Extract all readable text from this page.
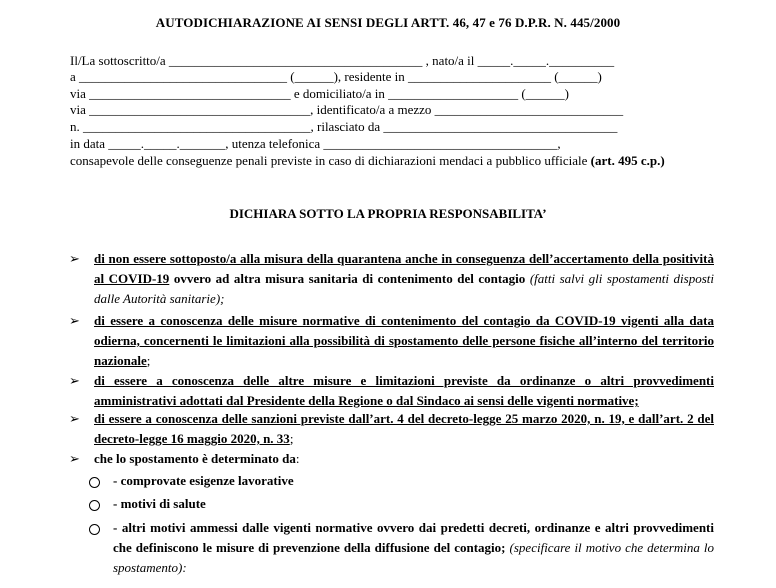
AUTODICHIARAZIONE AI SENSI DEGLI ARTT. 46, 47 e 76 D.P.R. N. 445/2000
Il/La sottoscritto/a _______________________________________ , nato/a il _____._____.__________
a ________________________________ (______), residente in ______________________ (______)
via _______________________________ e domiciliato/a in ____________________ (______)
via __________________________________, identificato/a a mezzo _____________________________
n. ___________________________________, rilasciato da ____________________________________
in data _____._____._______, utenza telefonica ____________________________________,
consapevole delle conseguenze penali previste in caso di dichiarazioni mendaci a pubblico ufficiale (art. 495 c.p.)
DICHIARA SOTTO LA PROPRIA RESPONSABILITA’
➢ di non essere sottoposto/a alla misura della quarantena anche in conseguenza dell’accertamento della positività al COVID-19 ovvero ad altra misura sanitaria di contenimento del contagio (fatti salvi gli spostamenti disposti dalle Autorità sanitarie);
➢ di essere a conoscenza delle misure normative di contenimento del contagio da COVID-19 vigenti alla data odierna, concernenti le limitazioni alla possibilità di spostamento delle persone fisiche all’interno del territorio nazionale;
➢ di essere a conoscenza delle altre misure e limitazioni previste da ordinanze o altri provvedimenti amministrativi adottati dal Presidente della Regione o dal Sindaco ai sensi delle vigenti normative;
➢ di essere a conoscenza delle sanzioni previste dall’art. 4 del decreto-legge 25 marzo 2020, n. 19, e dall’art. 2 del decreto-legge 16 maggio 2020, n. 33;
➢ che lo spostamento è determinato da:
- comprovate esigenze lavorative
- motivi di salute
- altri motivi ammessi dalle vigenti normative ovvero dai predetti decreti, ordinanze e altri provvedimenti che definiscono le misure di prevenzione della diffusione del contagio; (specificare il motivo che determina lo spostamento):
